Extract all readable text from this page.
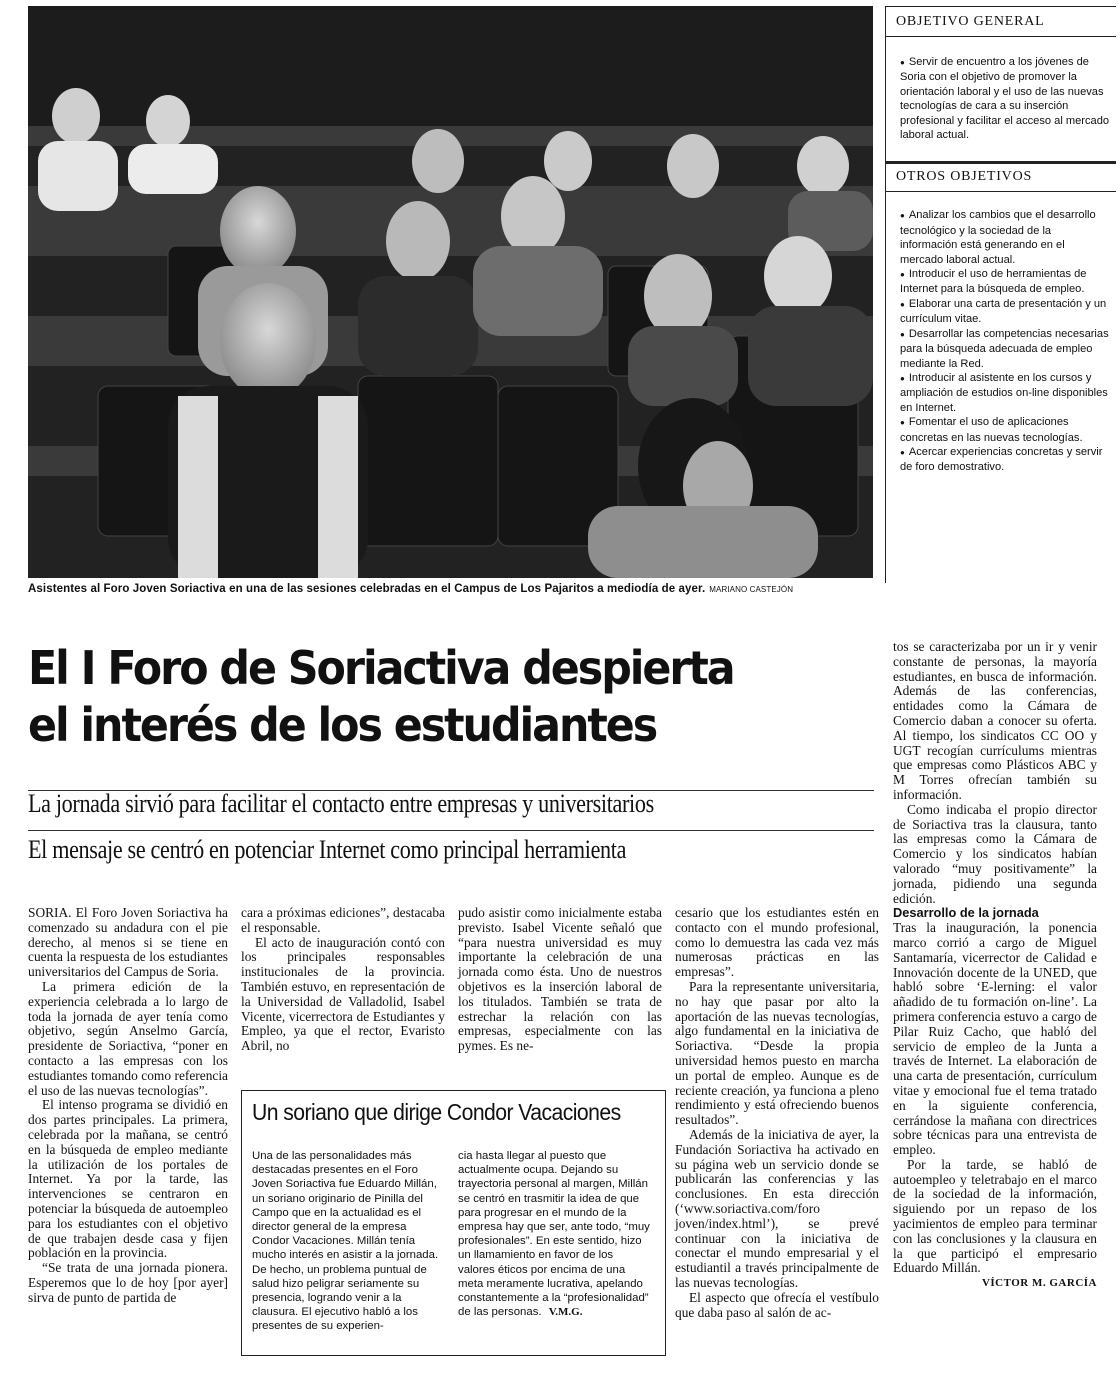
Asistentes al Foro Joven Soriactiva en una de las sesiones celebradas en el Campus de Los Pajaritos a mediodía de ayer. MARIANO CASTEJÓN
OBJETIVO GENERAL
● Servir de encuentro a los jóvenes de Soria con el objetivo de promover la orientación laboral y el uso de las nuevas tecnologías de cara a su inserción profesional y facilitar el acceso al mercado laboral actual.
OTROS OBJETIVOS
● Analizar los cambios que el desarrollo tecnológico y la sociedad de la información está generando en el mercado laboral actual.
● Introducir el uso de herramientas de Internet para la búsqueda de empleo.
● Elaborar una carta de presentación y un currículum vitae.
● Desarrollar las competencias necesarias para la búsqueda adecuada de empleo mediante la Red.
● Introducir al asistente en los cursos y ampliación de estudios on-line disponibles en Internet.
● Fomentar el uso de aplicaciones concretas en las nuevas tecnologías.
● Acercar experiencias concretas y servir de foro demostrativo.
El I Foro de Soriactiva despierta
el interés de los estudiantes
La jornada sirvió para facilitar el contacto entre empresas y universitarios
El mensaje se centró en potenciar Internet como principal herramienta

SORIA. El Foro Joven Soriactiva ha comenzado su andadura con el pie derecho, al menos si se tiene en cuenta la respuesta de los estudiantes universitarios del Campus de Soria.

La primera edición de la experiencia celebrada a lo largo de toda la jornada de ayer tenía como objetivo, según Anselmo García, presidente de Soriactiva, “poner en contacto a las empresas con los estudiantes tomando como referencia el uso de las nuevas tecnologías”.

El intenso programa se dividió en dos partes principales. La primera, celebrada por la mañana, se centró en la búsqueda de empleo mediante la utilización de los portales de Internet. Ya por la tarde, las intervenciones se centraron en potenciar la búsqueda de autoempleo para los estudiantes con el objetivo de que trabajen desde casa y fijen población en la provincia.

“Se trata de una jornada pionera. Esperemos que lo de hoy [por ayer] sirva de punto de partida de

cara a próximas ediciones”, destacaba el responsable.

El acto de inauguración contó con los principales responsables institucionales de la provincia. También estuvo, en representación de la Universidad de Valladolid, Isabel Vicente, vicerrectora de Estudiantes y Empleo, ya que el rector, Evaristo Abril, no

pudo asistir como inicialmente estaba previsto. Isabel Vicente señaló que “para nuestra universidad es muy importante la celebración de una jornada como ésta. Uno de nuestros objetivos es la inserción laboral de los titulados. También se trata de estrechar la relación con las empresas, especialmente con las pymes. Es ne-

cesario que los estudiantes estén en contacto con el mundo profesional, como lo demuestra las cada vez más numerosas prácticas en las empresas”.

Para la representante universitaria, no hay que pasar por alto la aportación de las nuevas tecnologías, algo fundamental en la iniciativa de Soriactiva. “Desde la propia universidad hemos puesto en marcha un portal de empleo. Aunque es de reciente creación, ya funciona a pleno rendimiento y está ofreciendo buenos resultados”.

Además de la iniciativa de ayer, la Fundación Soriactiva ha activado en su página web un servicio donde se publicarán las conferencias y las conclusiones. En esta dirección (‘www.soriactiva.com/foro joven/index.html’), se prevé continuar con la iniciativa de conectar el mundo empresarial y el estudiantil a través principalmente de las nuevas tecnologías.

El aspecto que ofrecía el vestíbulo que daba paso al salón de ac-

tos se caracterizaba por un ir y venir constante de personas, la mayoría estudiantes, en busca de información. Además de las conferencias, entidades como la Cámara de Comercio daban a conocer su oferta. Al tiempo, los sindicatos CC OO y UGT recogían currículums mientras que empresas como Plásticos ABC y M Torres ofrecían también su información.

Como indicaba el propio director de Soriactiva tras la clausura, tanto las empresas como la Cámara de Comercio y los sindicatos habían valorado “muy positivamente” la jornada, pidiendo una segunda edición.

Desarrollo de la jornada

Tras la inauguración, la ponencia marco corrió a cargo de Miguel Santamaría, vicerrector de Calidad e Innovación docente de la UNED, que habló sobre ‘E-lerning: el valor añadido de tu formación on-line’. La primera conferencia estuvo a cargo de Pilar Ruiz Cacho, que habló del servicio de empleo de la Junta a través de Internet. La elaboración de una carta de presentación, currículum vitae y emocional fue el tema tratado en la siguiente conferencia, cerrándose la mañana con directrices sobre técnicas para una entrevista de empleo.

Por la tarde, se habló de autoempleo y teletrabajo en el marco de la sociedad de la información, siguiendo por un repaso de los yacimientos de empleo para terminar con las conclusiones y la clausura en la que participó el empresario Eduardo Millán.

VÍCTOR M. GARCÍA
Un soriano que dirige Condor Vacaciones
Una de las personalidades más destacadas presentes en el Foro Joven Soriactiva fue Eduardo Millán, un soriano originario de Pinilla del Campo que en la actualidad es el director general de la empresa Condor Vacaciones. Millán tenía mucho interés en asistir a la jornada. De hecho, un problema puntual de salud hizo peligrar seriamente su presencia, logrando venir a la clausura. El ejecutivo habló a los presentes de su experien-
cia hasta llegar al puesto que actualmente ocupa. Dejando su trayectoria personal al margen, Millán se centró en trasmitir la idea de que para progresar en el mundo de la empresa hay que ser, ante todo, “muy profesionales”. En este sentido, hizo un llamamiento en favor de los valores éticos por encima de una meta meramente lucrativa, apelando constantemente a la “profesionalidad” de las personas. V.M.G.
